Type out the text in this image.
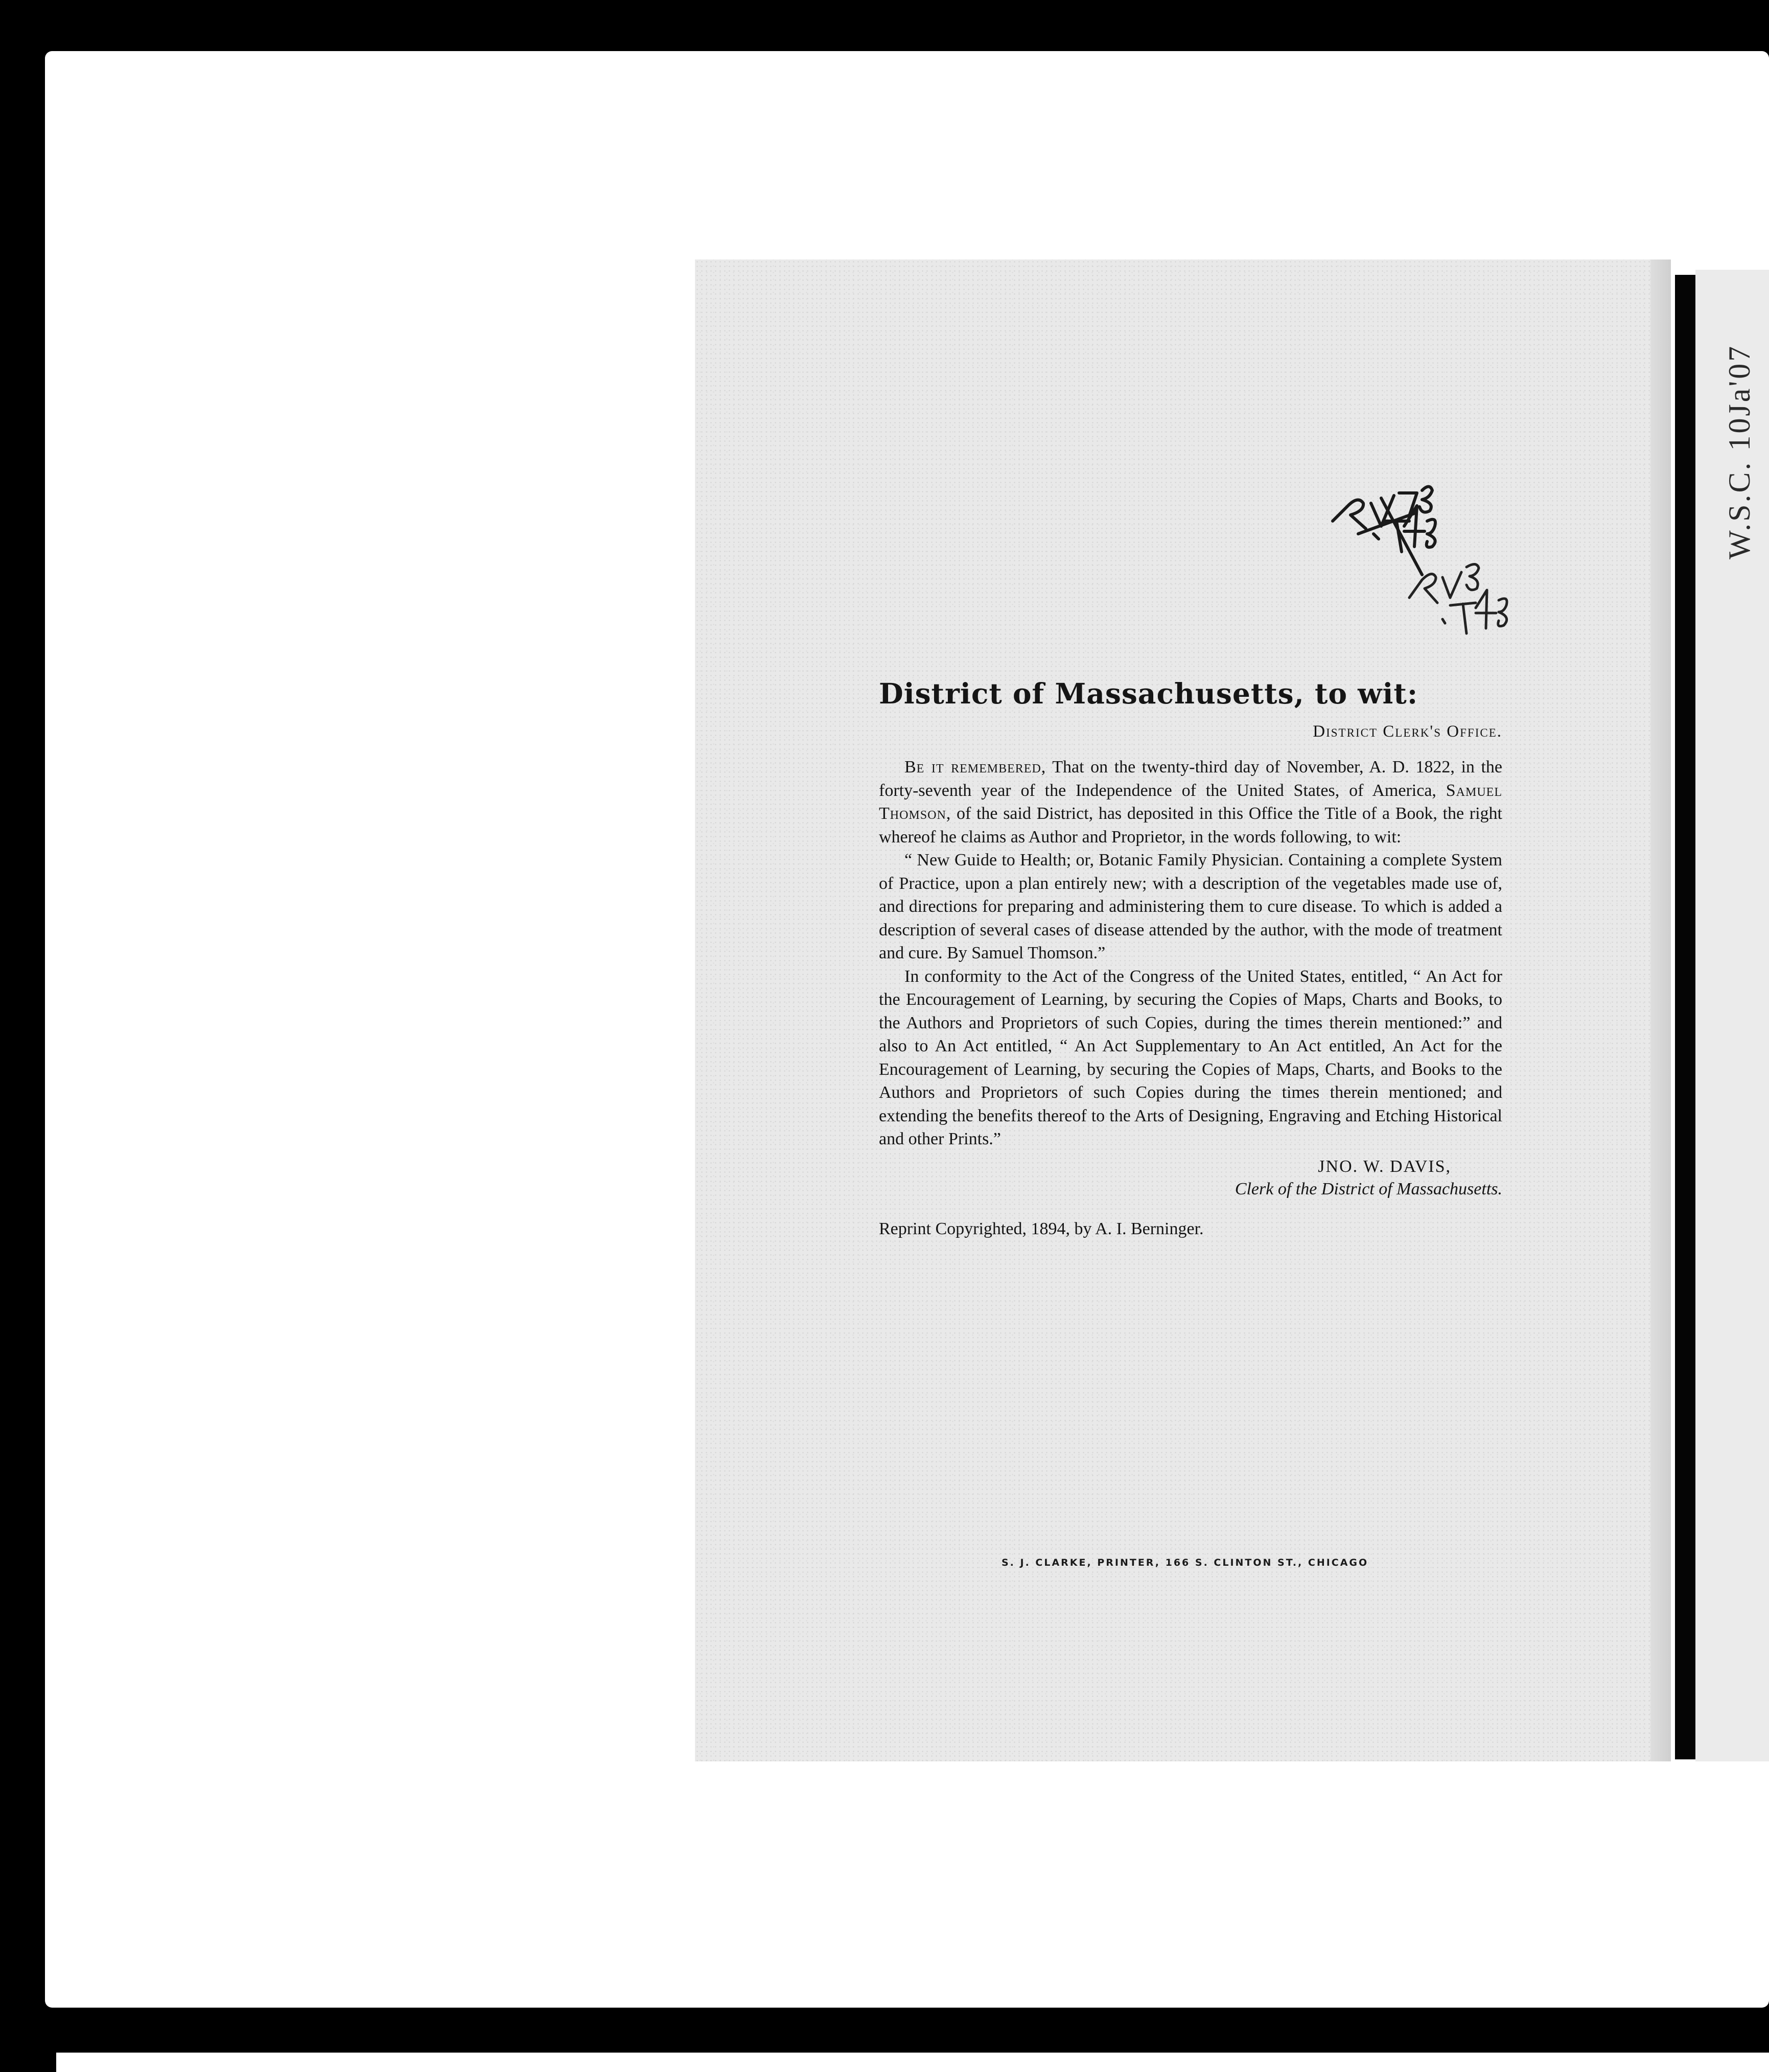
W.S.C. 10Ja'07
District of Massachusetts, to wit:
District Clerk's Office.

Be it remembered, That on the twenty-third day of November, A. D. 1822, in the forty-seventh year of the Independence of the United States, of America, Samuel Thomson, of the said District, has deposited in this Office the Title of a Book, the right whereof he claims as Author and Proprietor, in the words following, to wit:

“ New Guide to Health; or, Botanic Family Physician. Containing a complete System of Practice, upon a plan entirely new; with a description of the vegetables made use of, and directions for preparing and administering them to cure disease. To which is added a description of several cases of disease attended by the author, with the mode of treatment and cure. By Samuel Thomson.”

In conformity to the Act of the Congress of the United States, entitled, “ An Act for the Encouragement of Learning, by securing the Copies of Maps, Charts and Books, to the Authors and Proprietors of such Copies, during the times therein mentioned:” and also to An Act entitled, “ An Act Supplementary to An Act entitled, An Act for the Encouragement of Learning, by securing the Copies of Maps, Charts, and Books to the Authors and Proprietors of such Copies during the times therein mentioned; and extending the benefits thereof to the Arts of Designing, Engraving and Etching Historical and other Prints.”

JNO. W. DAVIS,
Clerk of the District of Massachusetts.
Reprint Copyrighted, 1894, by A. I. Berninger.
S. J. CLARKE, PRINTER, 166 S. CLINTON ST., CHICAGO
